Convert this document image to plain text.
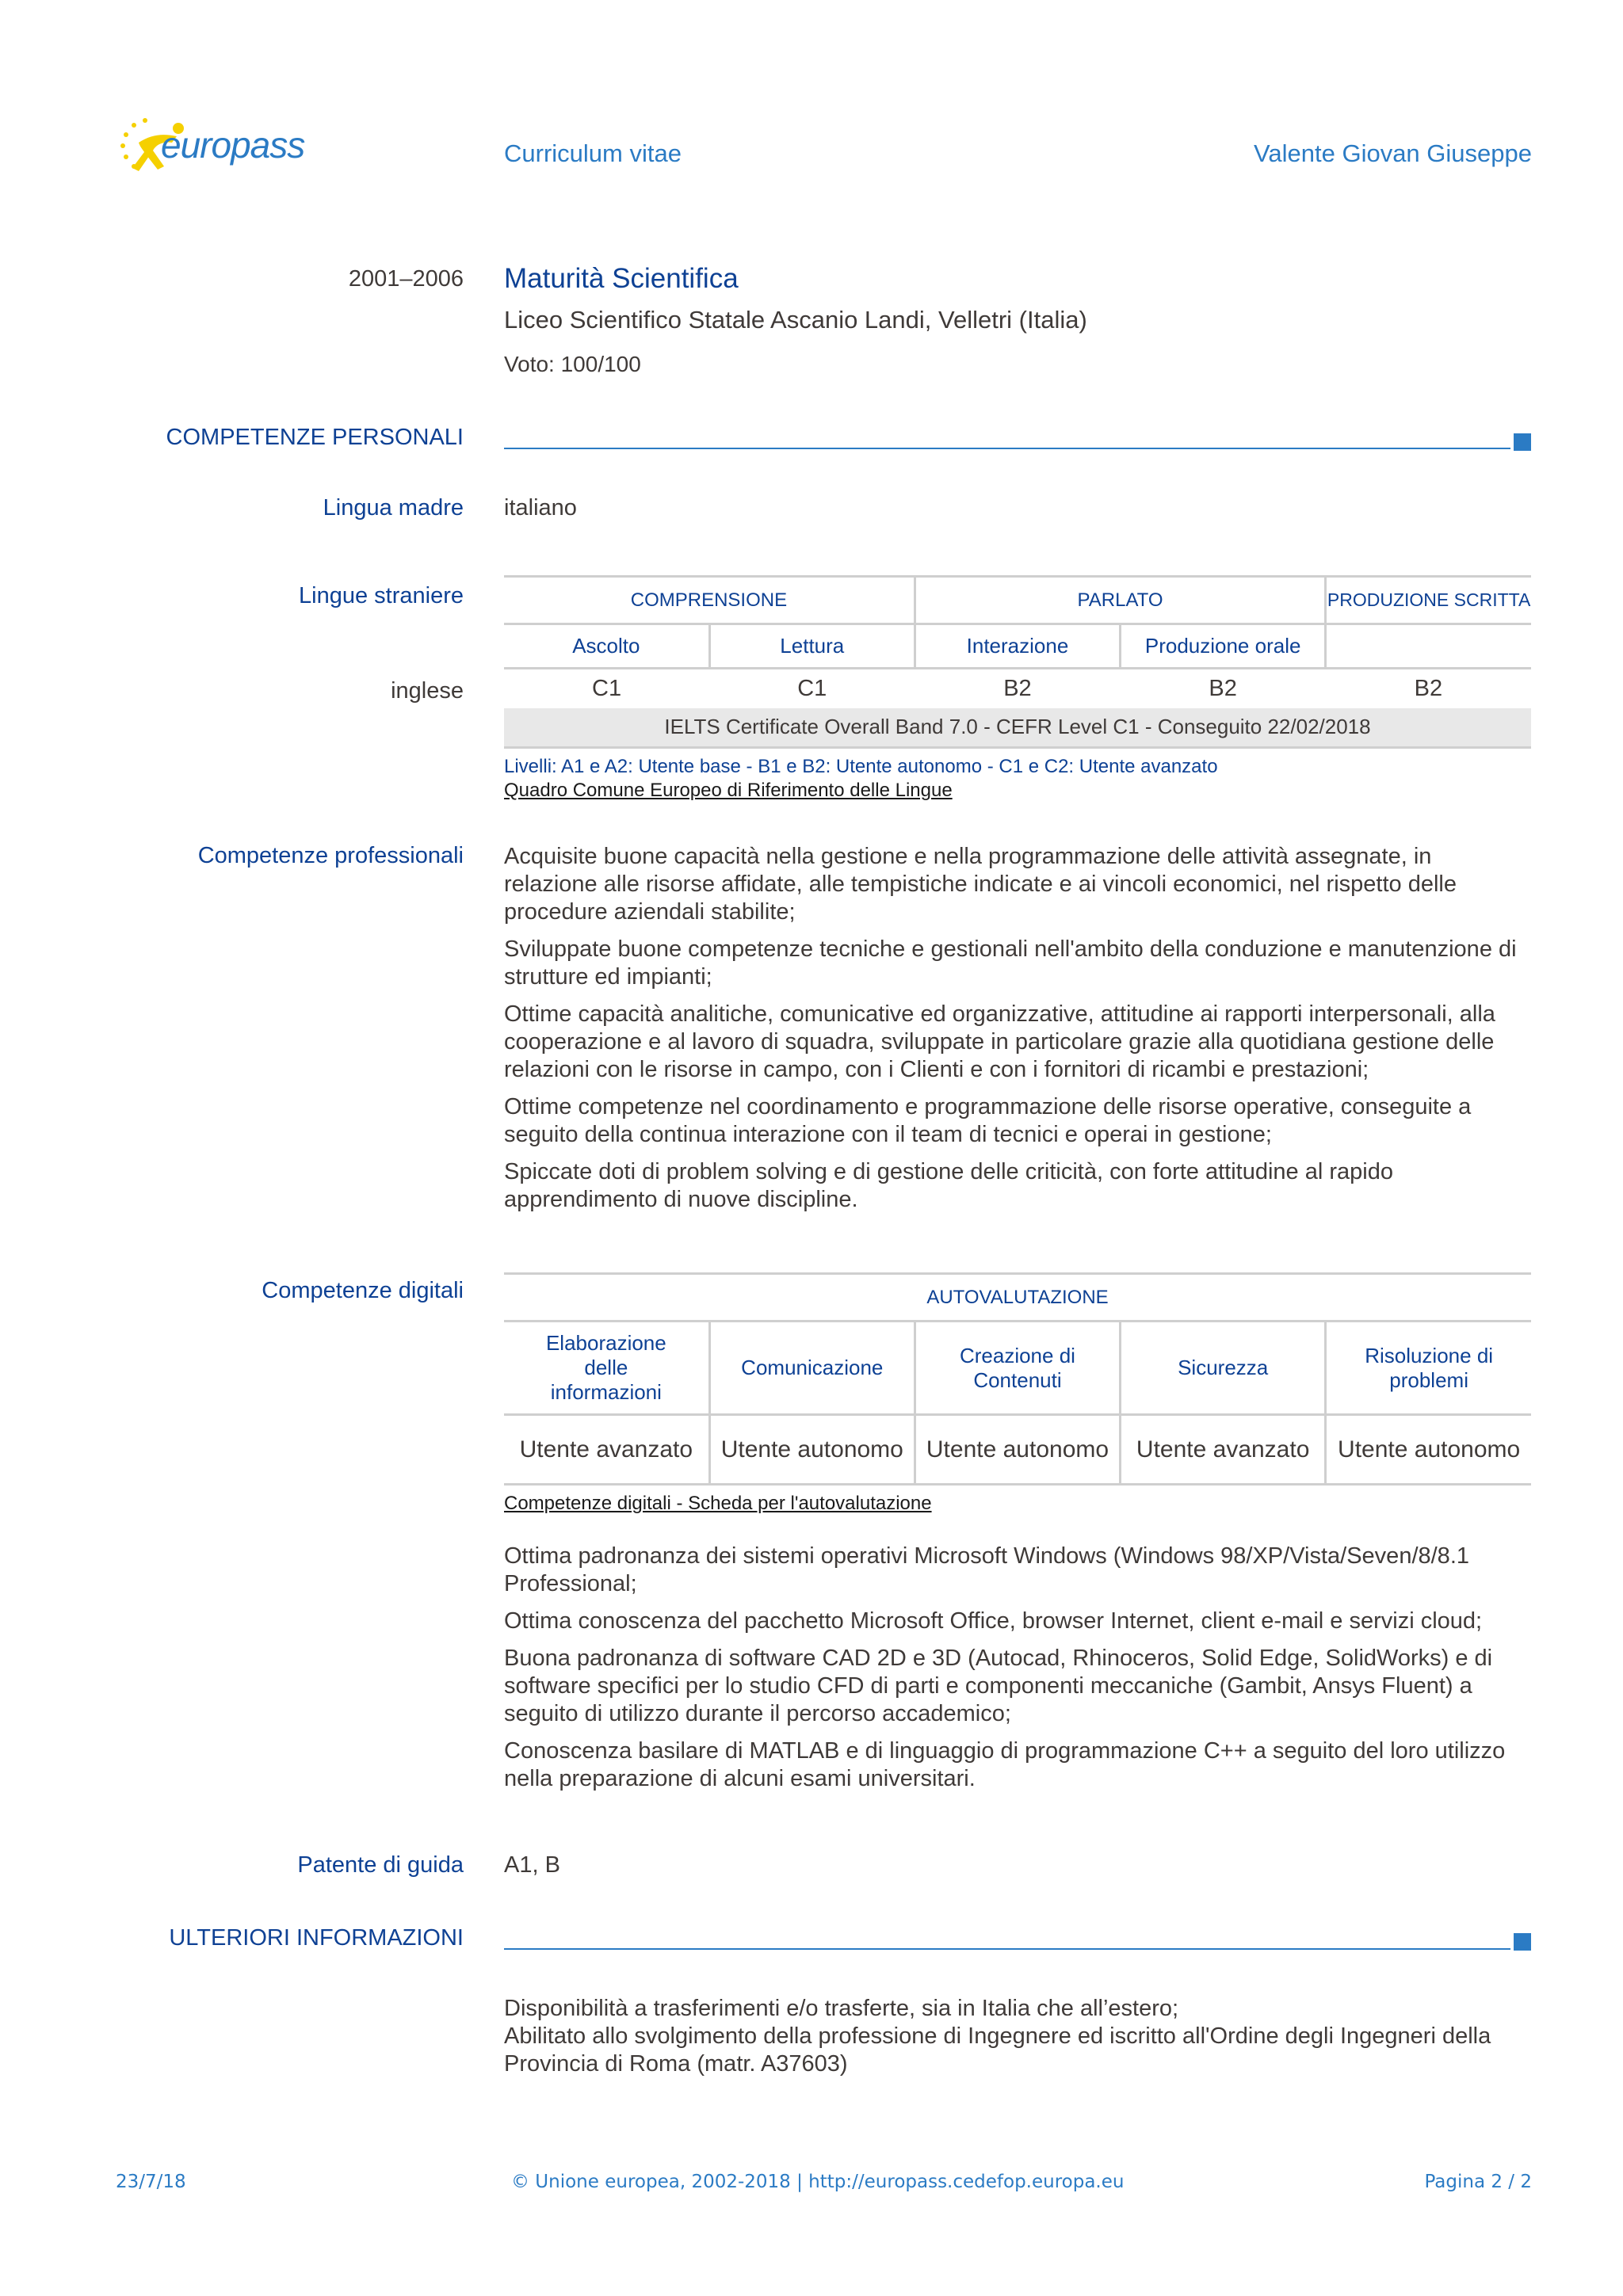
europass	Curriculum vitae	Valente Giovan Giuseppe
2001–2006 Maturità Scientifica
Liceo Scientifico Statale Ascanio Landi, Velletri (Italia)
Voto: 100/100
COMPETENZE PERSONALI
Lingua madre italiano
Lingue straniere
inglese
COMPRENSIONE		PARLATO		PRODUZIONE SCRITTA
Ascolto	Lettura	Interazione	Produzione orale	
C1	C1	B2	B2	B2
IELTS Certificate Overall Band 7.0 - CEFR Level C1 - Conseguito 22/02/2018				
Livelli: A1 e A2: Utente base - B1 e B2: Utente autonomo - C1 e C2: Utente avanzato
Quadro Comune Europeo di Riferimento delle Lingue
Competenze professionali Acquisite buone capacità nella gestione e nella programmazione delle attività assegnate, in relazione alle risorse affidate, alle tempistiche indicate e ai vincoli economici, nel rispetto delle procedure aziendali stabilite;

Sviluppate buone competenze tecniche e gestionali nell'ambito della conduzione e manutenzione di strutture ed impianti;

Ottime capacità analitiche, comunicative ed organizzative, attitudine ai rapporti interpersonali, alla cooperazione e al lavoro di squadra, sviluppate in particolare grazie alla quotidiana gestione delle relazioni con le risorse in campo, con i Clienti e con i fornitori di ricambi e prestazioni;

Ottime competenze nel coordinamento e programmazione delle risorse operative, conseguite a seguito della continua interazione con il team di tecnici e operai in gestione;

Spiccate doti di problem solving e di gestione delle criticità, con forte attitudine al rapido apprendimento di nuove discipline.

Competenze digitali	AUTOVALUTAZIONE				
Elaborazione delle informazioni	Comunicazione	Creazione di Contenuti	Sicurezza	Risoluzione di problemi
Utente avanzato	Utente autonomo	Utente autonomo	Utente avanzato	Utente autonomo
Competenze digitali - Scheda per l'autovalutazione

Ottima padronanza dei sistemi operativi Microsoft Windows (Windows 98/XP/Vista/Seven/8/8.1 Professional;

Ottima conoscenza del pacchetto Microsoft Office, browser Internet, client e-mail e servizi cloud;

Buona padronanza di software CAD 2D e 3D (Autocad, Rhinoceros, Solid Edge, SolidWorks) e di software specifici per lo studio CFD di parti e componenti meccaniche (Gambit, Ansys Fluent) a seguito di utilizzo durante il percorso accademico;

Conoscenza basilare di MATLAB e di linguaggio di programmazione C++ a seguito del loro utilizzo nella preparazione di alcuni esami universitari.

Patente di guida A1, B
ULTERIORI INFORMAZIONI
Disponibilità a trasferimenti e/o trasferte, sia in Italia che all’estero;
Abilitato allo svolgimento della professione di Ingegnere ed iscritto all'Ordine degli Ingegneri della Provincia di Roma (matr. A37603)
23/7/18	© Unione europea, 2002-2018 | http://europass.cedefop.europa.eu	Pagina 2 / 2
